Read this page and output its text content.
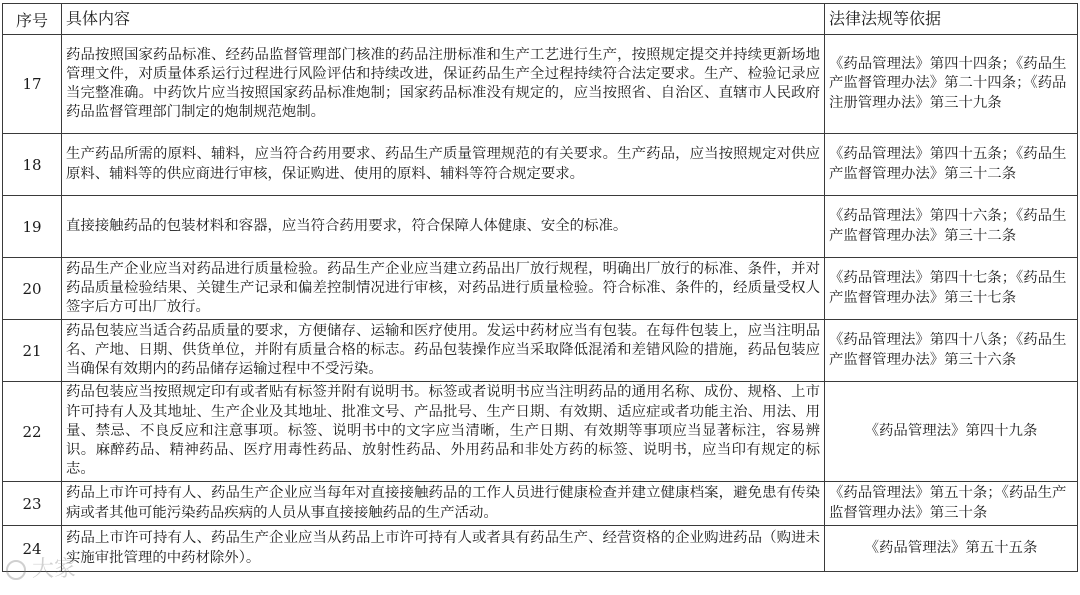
序号	具体内容	法律法规等依据
17	药品按照国家药品标准、经药品监督管理部门核准的药品注册标准和生产工艺进行生产，按照规定提交并持续更新场地管理文件，对质量体系运行过程进行风险评估和持续改进，保证药品生产全过程持续符合法定要求。生产、检验记录应当完整准确。中药饮片应当按照国家药品标准炮制；国家药品标准没有规定的，应当按照省、自治区、直辖市人民政府药品监督管理部门制定的炮制规范炮制。	《药品管理法》第四十四条；《药品生产监督管理办法》第二十四条；《药品注册管理办法》第三十九条
18	生产药品所需的原料、辅料，应当符合药用要求、药品生产质量管理规范的有关要求。生产药品，应当按照规定对供应原料、辅料等的供应商进行审核，保证购进、使用的原料、辅料等符合规定要求。	《药品管理法》第四十五条；《药品生产监督管理办法》第三十二条
19	直接接触药品的包装材料和容器，应当符合药用要求，符合保障人体健康、安全的标准。	《药品管理法》第四十六条；《药品生产监督管理办法》第三十二条
20	药品生产企业应当对药品进行质量检验。药品生产企业应当建立药品出厂放行规程，明确出厂放行的标准、条件，并对药品质量检验结果、关键生产记录和偏差控制情况进行审核，对药品进行质量检验。符合标准、条件的，经质量受权人签字后方可出厂放行。	《药品管理法》第四十七条；《药品生产监督管理办法》第三十七条
21	药品包装应当适合药品质量的要求，方便储存、运输和医疗使用。发运中药材应当有包装。在每件包装上，应当注明品名、产地、日期、供货单位，并附有质量合格的标志。药品包装操作应当采取降低混淆和差错风险的措施，药品包装应当确保有效期内的药品储存运输过程中不受污染。	《药品管理法》第四十八条；《药品生产监督管理办法》第三十六条
22	药品包装应当按照规定印有或者贴有标签并附有说明书。标签或者说明书应当注明药品的通用名称、成份、规格、上市许可持有人及其地址、生产企业及其地址、批准文号、产品批号、生产日期、有效期、适应症或者功能主治、用法、用量、禁忌、不良反应和注意事项。标签、说明书中的文字应当清晰，生产日期、有效期等事项应当显著标注，容易辨识。麻醉药品、精神药品、医疗用毒性药品、放射性药品、外用药品和非处方药的标签、说明书，应当印有规定的标志。	《药品管理法》第四十九条
23	药品上市许可持有人、药品生产企业应当每年对直接接触药品的工作人员进行健康检查并建立健康档案，避免患有传染病或者其他可能污染药品疾病的人员从事直接接触药品的生产活动。	《药品管理法》第五十条；《药品生产监督管理办法》第三十条
24	药品上市许可持有人、药品生产企业应当从药品上市许可持有人或者具有药品生产、经营资格的企业购进药品（购进未实施审批管理的中药材除外）。	《药品管理法》第五十五条
大家
